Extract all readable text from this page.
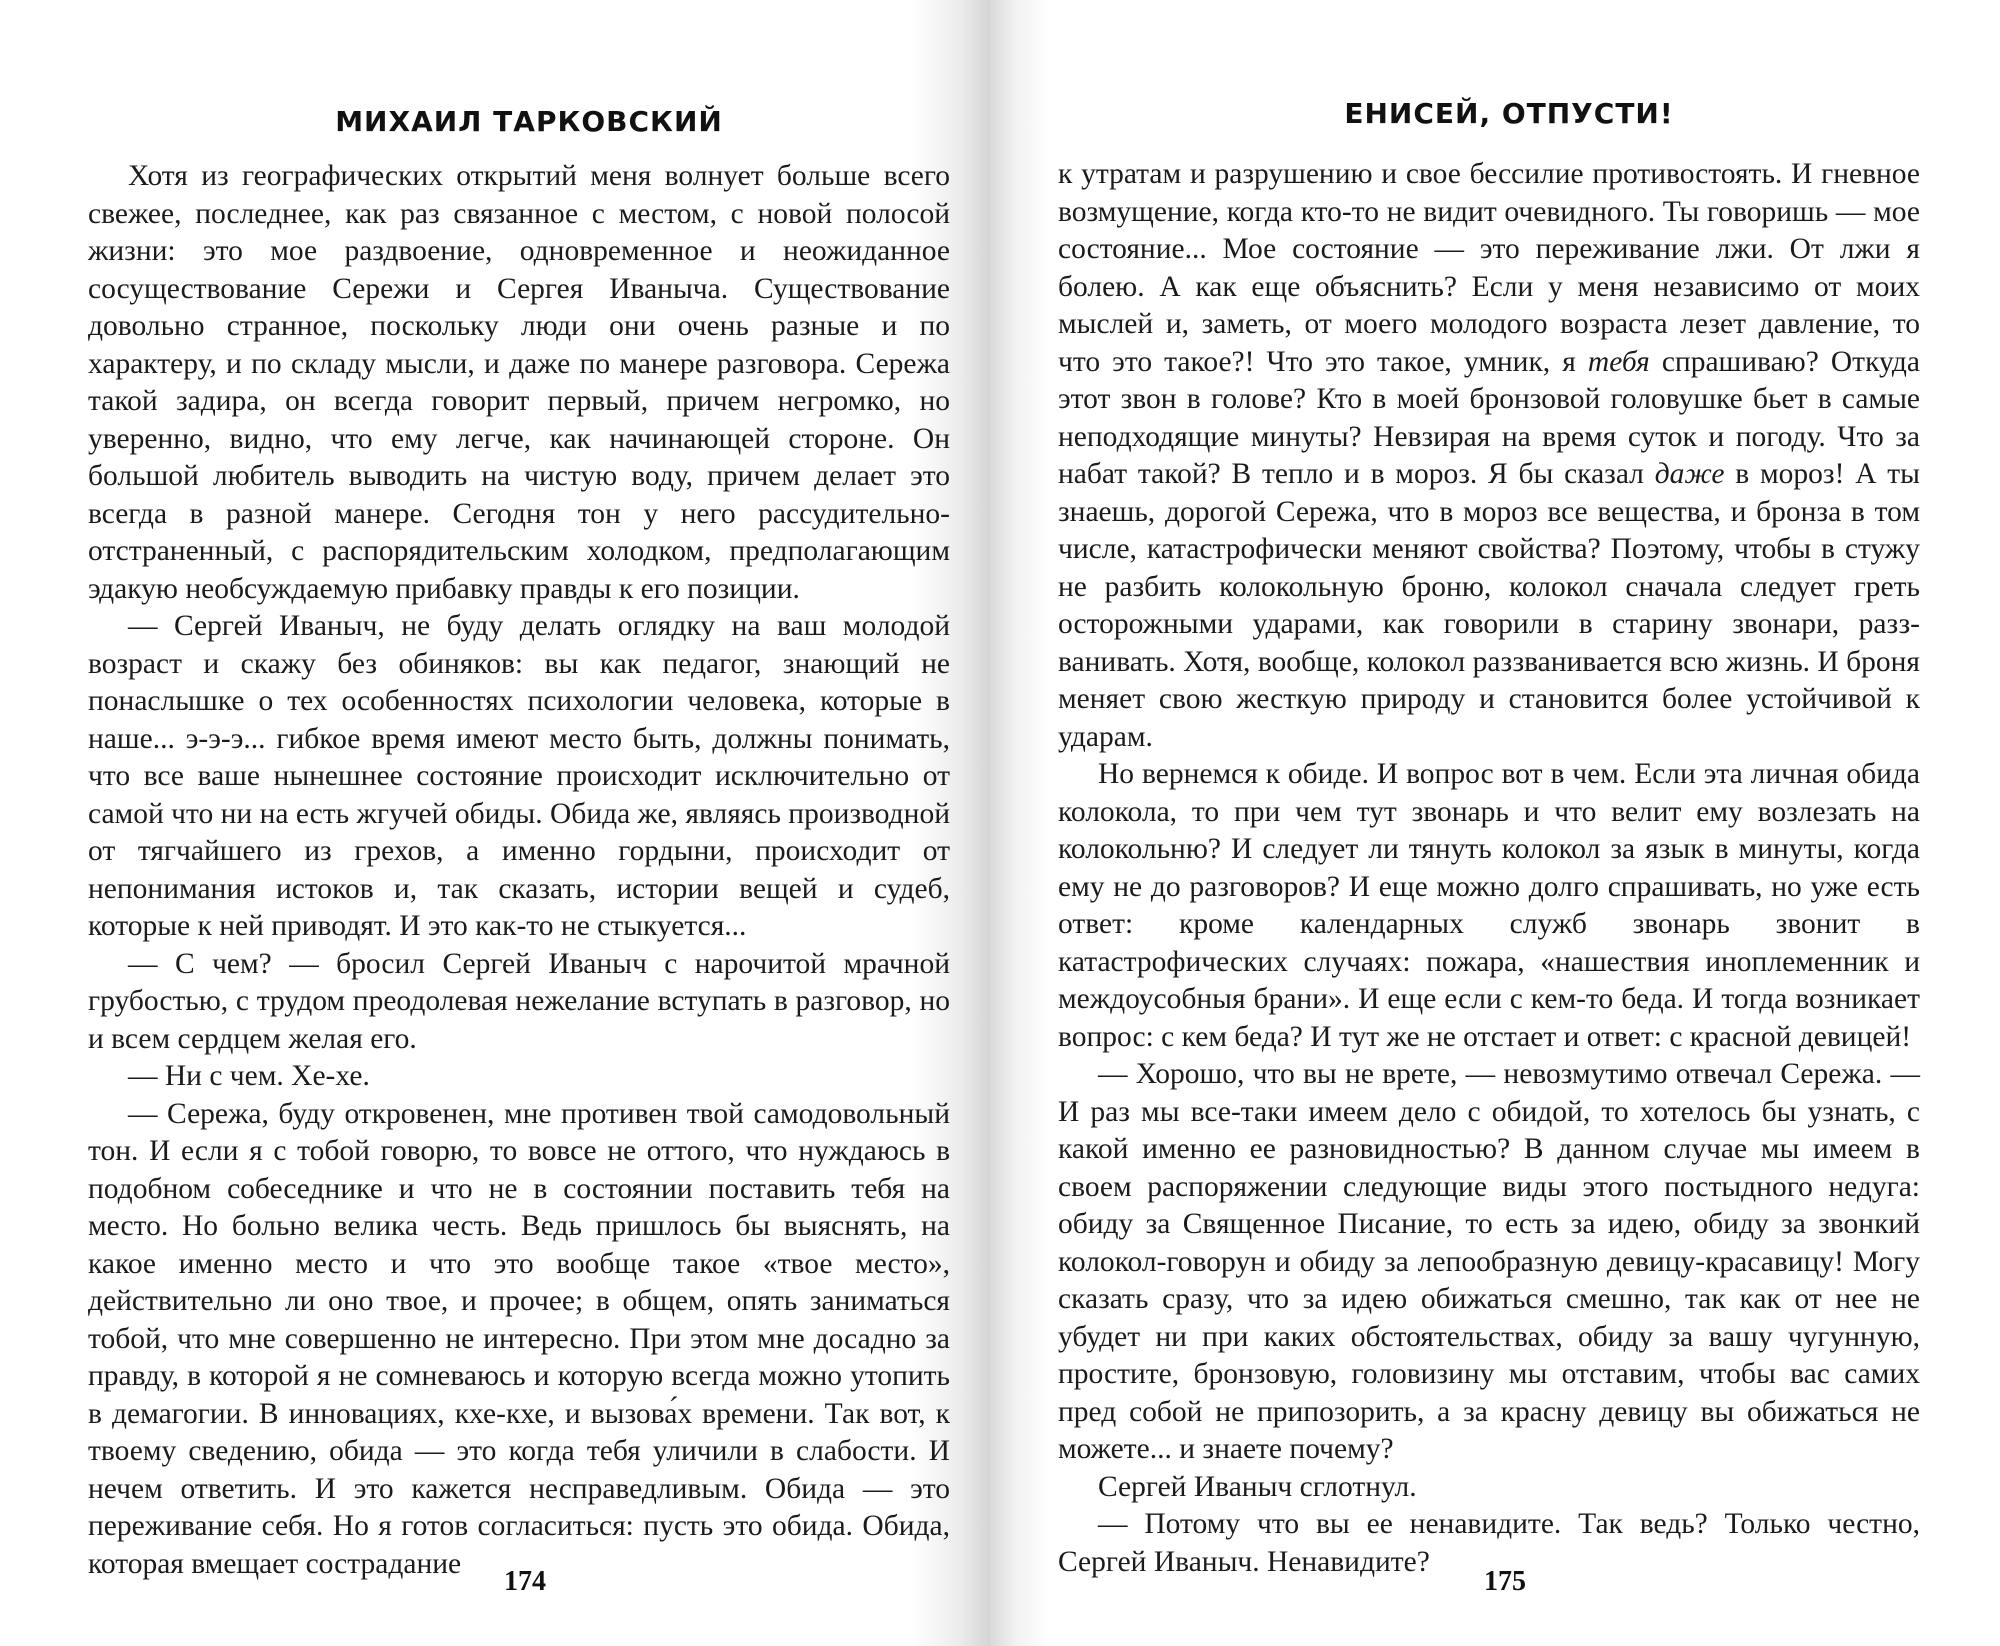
МИХАИЛ ТАРКОВСКИЙ

Хотя из географических открытий меня волнует больше всего свежее, последнее, как раз связанное с местом, с новой полосой жизни: это мое раздвоение, одновременное и неожиданное сосуществование Сережи и Сергея Иваныча. Существование довольно странное, поскольку люди они очень разные и по характеру, и по складу мысли, и даже по манере разговора. Сережа такой задира, он всегда говорит первый, причем негромко, но уверенно, видно, что ему легче, как начинающей стороне. Он большой любитель выводить на чистую воду, причем делает это всегда в разной манере. Сегодня тон у него рассудительно-отстраненный, с распорядительским холодком, предполагающим эдакую необсуждаемую прибавку правды к его позиции.

— Сергей Иваныч, не буду делать оглядку на ваш молодой возраст и скажу без обиняков: вы как педагог, знающий не понаслышке о тех особенностях психологии человека, которые в наше... э-э-э... гибкое время имеют место быть, должны понимать, что все ваше нынешнее состояние происходит исключительно от самой что ни на есть жгучей обиды. Обида же, являясь производной от тягчайшего из грехов, а именно гордыни, происходит от непонимания истоков и, так сказать, истории вещей и судеб, которые к ней приводят. И это как-то не стыкуется...

— С чем? — бросил Сергей Иваныч с нарочитой мрачной грубостью, с трудом преодолевая нежелание вступать в разговор, но и всем сердцем желая его.

— Ни с чем. Хе-хе.

— Сережа, буду откровенен, мне противен твой самодовольный тон. И если я с тобой говорю, то вовсе не оттого, что нуждаюсь в подобном собеседнике и что не в состоянии поставить тебя на место. Но больно велика честь. Ведь пришлось бы выяснять, на какое именно место и что это вообще такое «твое место», действительно ли оно твое, и прочее; в общем, опять заниматься тобой, что мне совершенно не интересно. При этом мне досадно за правду, в которой я не сомневаюсь и которую всегда можно утопить в демагогии. В инновациях, кхе-кхе, и вызова́х времени. Так вот, к твоему сведению, обида — это когда тебя уличили в слабости. И нечем ответить. И это кажется несправедливым. Обида — это переживание себя. Но я готов согласиться: пусть это обида. Обида, которая вмещает сострадание

174
ЕНИСЕЙ, ОТПУСТИ!

к утратам и разрушению и свое бессилие противостоять. И гневное возмущение, когда кто-то не видит очевидного. Ты говоришь — мое состояние... Мое состояние — это переживание лжи. От лжи я болею. А как еще объяснить? Если у меня независимо от моих мыслей и, заметь, от моего молодого возраста лезет давление, то что это такое?! Что это такое, умник, я тебя спрашиваю? Откуда этот звон в голове? Кто в моей бронзовой головушке бьет в самые неподходящие минуты? Невзирая на время суток и погоду. Что за набат такой? В тепло и в мороз. Я бы сказал даже в мороз! А ты знаешь, дорогой Сережа, что в мороз все вещества, и бронза в том числе, катастрофически меняют свойства? Поэтому, чтобы в стужу не разбить колокольную броню, колокол сначала следует греть осторожными ударами, как говорили в старину звонари, раззванивать. Хотя, вообще, колокол раззванивается всю жизнь. И броня меняет свою жесткую природу и становится более устойчивой к ударам.

Но вернемся к обиде. И вопрос вот в чем. Если эта личная обида колокола, то при чем тут звонарь и что велит ему возлезать на колокольню? И следует ли тянуть колокол за язык в минуты, когда ему не до разговоров? И еще можно долго спрашивать, но уже есть ответ: кроме календарных служб звонарь звонит в катастрофических случаях: пожара, «нашествия иноплеменник и междоусобныя брани». И еще если с кем-то беда. И тогда возникает вопрос: с кем беда? И тут же не отстает и ответ: с красной девицей!

— Хорошо, что вы не врете, — невозмутимо отвечал Сережа. — И раз мы все-таки имеем дело с обидой, то хотелось бы узнать, с какой именно ее разновидностью? В данном случае мы имеем в своем распоряжении следующие виды этого постыдного недуга: обиду за Священное Писание, то есть за идею, обиду за звонкий колокол-говорун и обиду за лепообразную девицу-красавицу! Могу сказать сразу, что за идею обижаться смешно, так как от нее не убудет ни при каких обстоятельствах, обиду за вашу чугунную, простите, бронзовую, головизину мы отставим, чтобы вас самих пред собой не припозорить, а за красну девицу вы обижаться не можете... и знаете почему?

Сергей Иваныч сглотнул.

— Потому что вы ее ненавидите. Так ведь? Только честно, Сергей Иваныч. Ненавидите?

175
